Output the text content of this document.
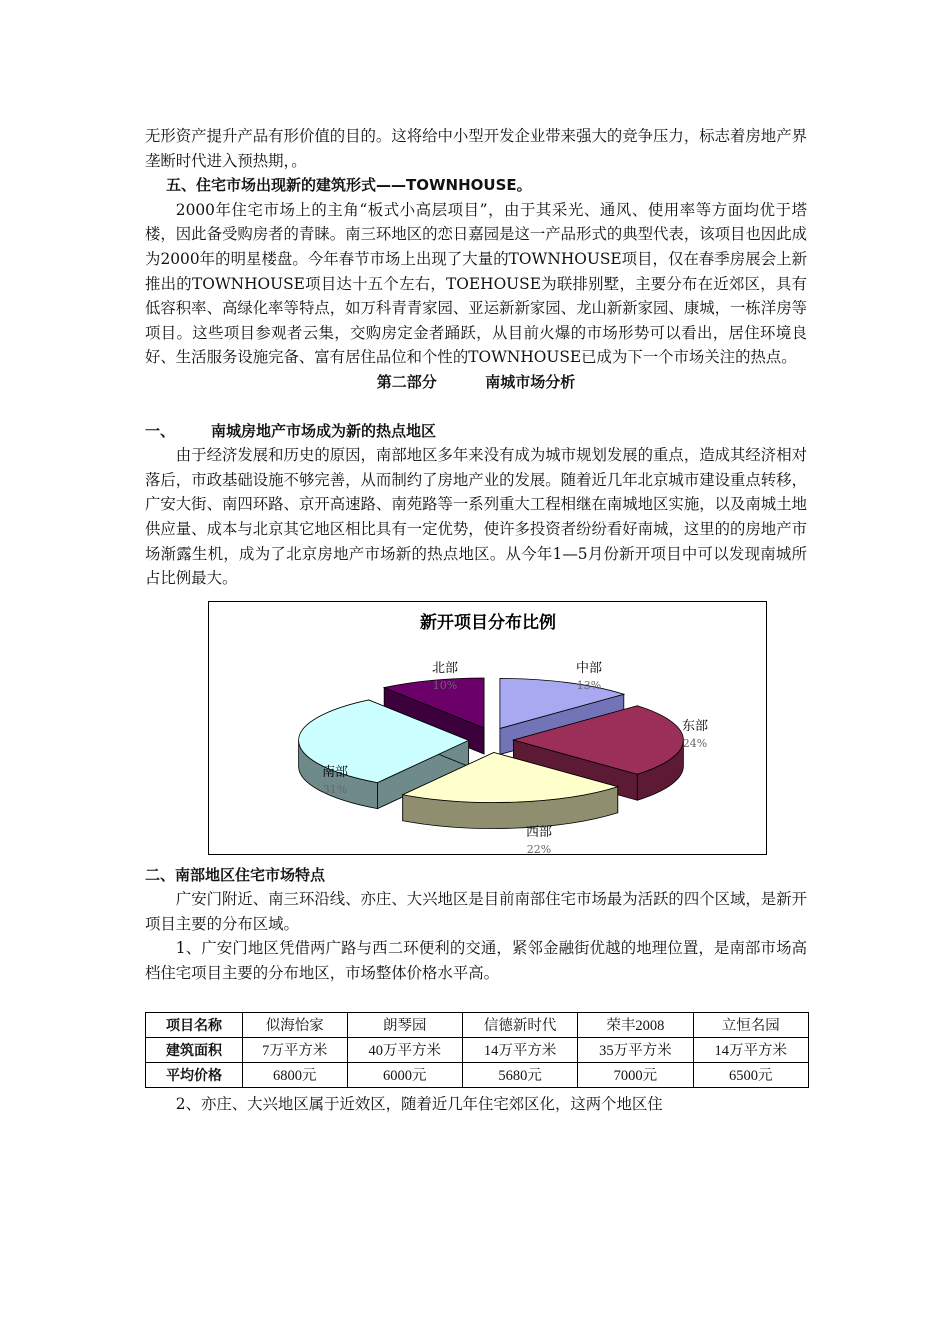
无形资产提升产品有形价值的目的。这将给中小型开发企业带来强大的竞争压力，标志着房地产界垄断时代进入预热期，。

五、住宅市场出现新的建筑形式——TOWNHOUSE。

2000年住宅市场上的主角“板式小高层项目”，由于其采光、通风、使用率等方面均优于塔楼，因此备受购房者的青睐。南三环地区的恋日嘉园是这一产品形式的典型代表，该项目也因此成为2000年的明星楼盘。今年春节市场上出现了大量的TOWNHOUSE项目，仅在春季房展会上新推出的TOWNHOUSE项目达十五个左右，TOEHOUSE为联排别墅，主要分布在近郊区，具有低容积率、高绿化率等特点，如万科青青家园、亚运新新家园、龙山新新家园、康城，一栋洋房等项目。这些项目参观者云集，交购房定金者踊跃，从目前火爆的市场形势可以看出，居住环境良好、生活服务设施完备、富有居住品位和个性的TOWNHOUSE已成为下一个市场关注的热点。

第二部分	南城市场分析

一、 南城房地产市场成为新的热点地区

由于经济发展和历史的原因，南部地区多年来没有成为城市规划发展的重点，造成其经济相对落后，市政基础设施不够完善，从而制约了房地产业的发展。随着近几年北京城市建设重点转移，广安大街、南四环路、京开高速路、南苑路等一系列重大工程相继在南城地区实施，以及南城土地供应量、成本与北京其它地区相比具有一定优势，使许多投资者纷纷看好南城，这里的的房地产市场渐露生机，成为了北京房地产市场新的热点地区。从今年1—5月份新开项目中可以发现南城所占比例最大。

新开项目分布比例
中部
13%
东部
24%
西部
22%
南部
31%
北部
10%

二、南部地区住宅市场特点

广安门附近、南三环沿线、亦庄、大兴地区是目前南部住宅市场最为活跃的四个区域，是新开项目主要的分布区域。

1、广安门地区凭借两广路与西二环便利的交通，紧邻金融街优越的地理位置，是南部市场高档住宅项目主要的分布地区，市场整体价格水平高。

项目名称	似海怡家	朗琴园	信德新时代	荣丰2008	立恒名园
建筑面积	7万平方米	40万平方米	14万平方米	35万平方米	14万平方米
平均价格	6800元	6000元	5680元	7000元	6500元

2、亦庄、大兴地区属于近效区，随着近几年住宅郊区化，这两个地区住
